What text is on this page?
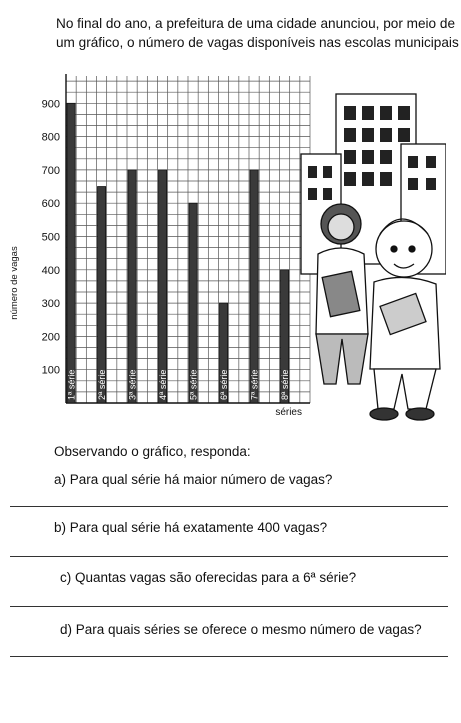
No final do ano, a prefeitura de uma cidade anunciou, por meio de
um gráfico, o número de vagas disponíveis nas escolas municipais
100
200
300
400
500
600
700
800
900
número de vagas
1ª série 2ª série 3ª série 4ª série 5ª série 6ª série 7ª série 8ª série
séries
Observando o gráfico, responda:
a) Para qual série há maior número de vagas?
b) Para qual série há exatamente 400 vagas?
c) Quantas vagas são oferecidas para a 6ª série?
d) Para quais séries se oferece o mesmo número de vagas?
